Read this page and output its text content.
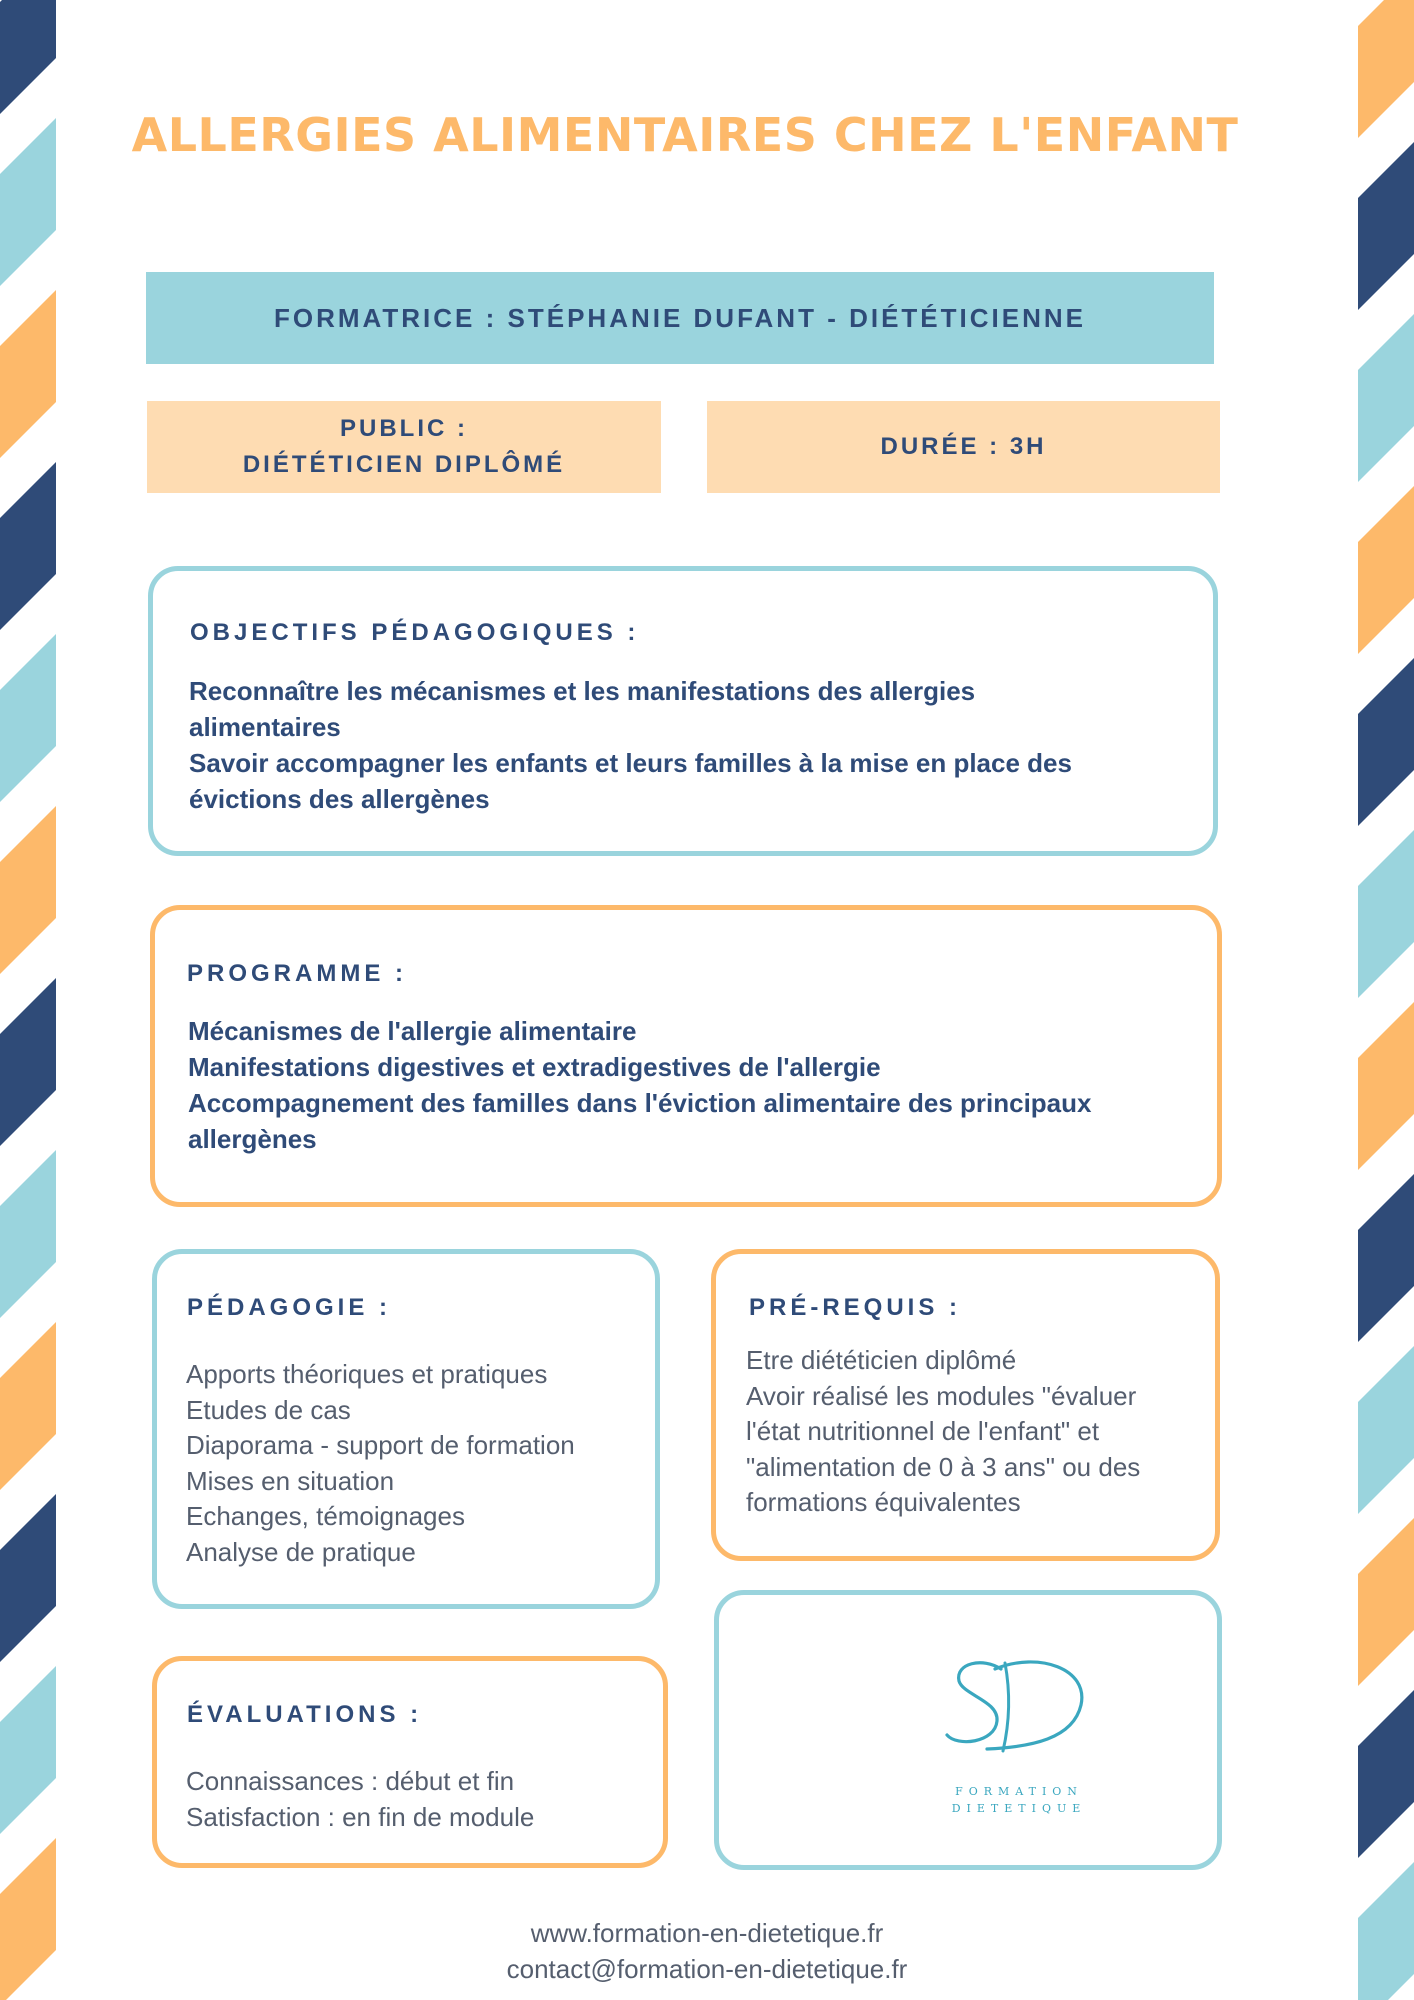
ALLERGIES ALIMENTAIRES CHEZ L'ENFANT
FORMATRICE : STÉPHANIE DUFANT - DIÉTÉTICIENNE
PUBLIC :
DIÉTÉTICIEN DIPLÔMÉ
DURÉE : 3H
OBJECTIFS PÉDAGOGIQUES :
Reconnaître les mécanismes et les manifestations des allergies
alimentaires
Savoir accompagner les enfants et leurs familles à la mise en place des
évictions des allergènes
PROGRAMME :
Mécanismes de l'allergie alimentaire
Manifestations digestives et extradigestives de l'allergie
Accompagnement des familles dans l'éviction alimentaire des principaux
allergènes
PÉDAGOGIE :
Apports théoriques et pratiques
Etudes de cas
Diaporama - support de formation
Mises en situation
Echanges, témoignages
Analyse de pratique
PRÉ-REQUIS :
Etre diététicien diplômé
Avoir réalisé les modules "évaluer
l'état nutritionnel de l'enfant" et
"alimentation de 0 à 3 ans" ou des
formations équivalentes
ÉVALUATIONS :
Connaissances : début et fin
Satisfaction : en fin de module
FORMATION
DIETETIQUE
www.formation-en-dietetique.fr
contact@formation-en-dietetique.fr
